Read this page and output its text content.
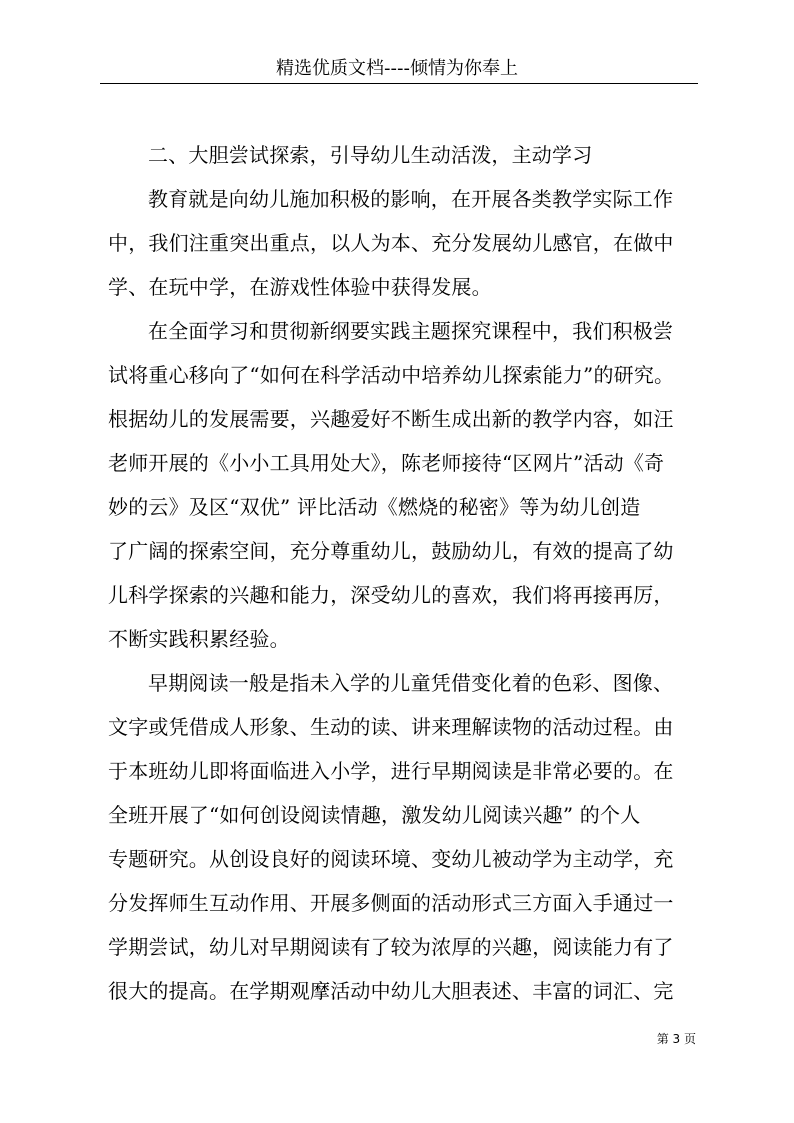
精选优质文档----倾情为你奉上
二、大胆尝试探索，引导幼儿生动活泼，主动学习
教育就是向幼儿施加积极的影响，在开展各类教学实际工作
中，我们注重突出重点，以人为本、充分发展幼儿感官，在做中
学、在玩中学，在游戏性体验中获得发展。
在全面学习和贯彻新纲要实践主题探究课程中，我们积极尝
试将重心移向了“如何在科学活动中培养幼儿探索能力”的研究。
根据幼儿的发展需要，兴趣爱好不断生成出新的教学内容，如汪
老师开展的《小小工具用处大》，陈老师接待“区网片”活动《奇
妙的云》及区“双优” 评比活动《燃烧的秘密》等为幼儿创造
了广阔的探索空间，充分尊重幼儿，鼓励幼儿，有效的提高了幼
儿科学探索的兴趣和能力，深受幼儿的喜欢，我们将再接再厉，
不断实践积累经验。
早期阅读一般是指未入学的儿童凭借变化着的色彩、图像、
文字或凭借成人形象、生动的读、讲来理解读物的活动过程。由
于本班幼儿即将面临进入小学，进行早期阅读是非常必要的。在
全班开展了“如何创设阅读情趣，激发幼儿阅读兴趣” 的个人
专题研究。从创设良好的阅读环境、变幼儿被动学为主动学，充
分发挥师生互动作用、开展多侧面的活动形式三方面入手通过一
学期尝试，幼儿对早期阅读有了较为浓厚的兴趣，阅读能力有了
很大的提高。在学期观摩活动中幼儿大胆表述、丰富的词汇、完
第 3 页
